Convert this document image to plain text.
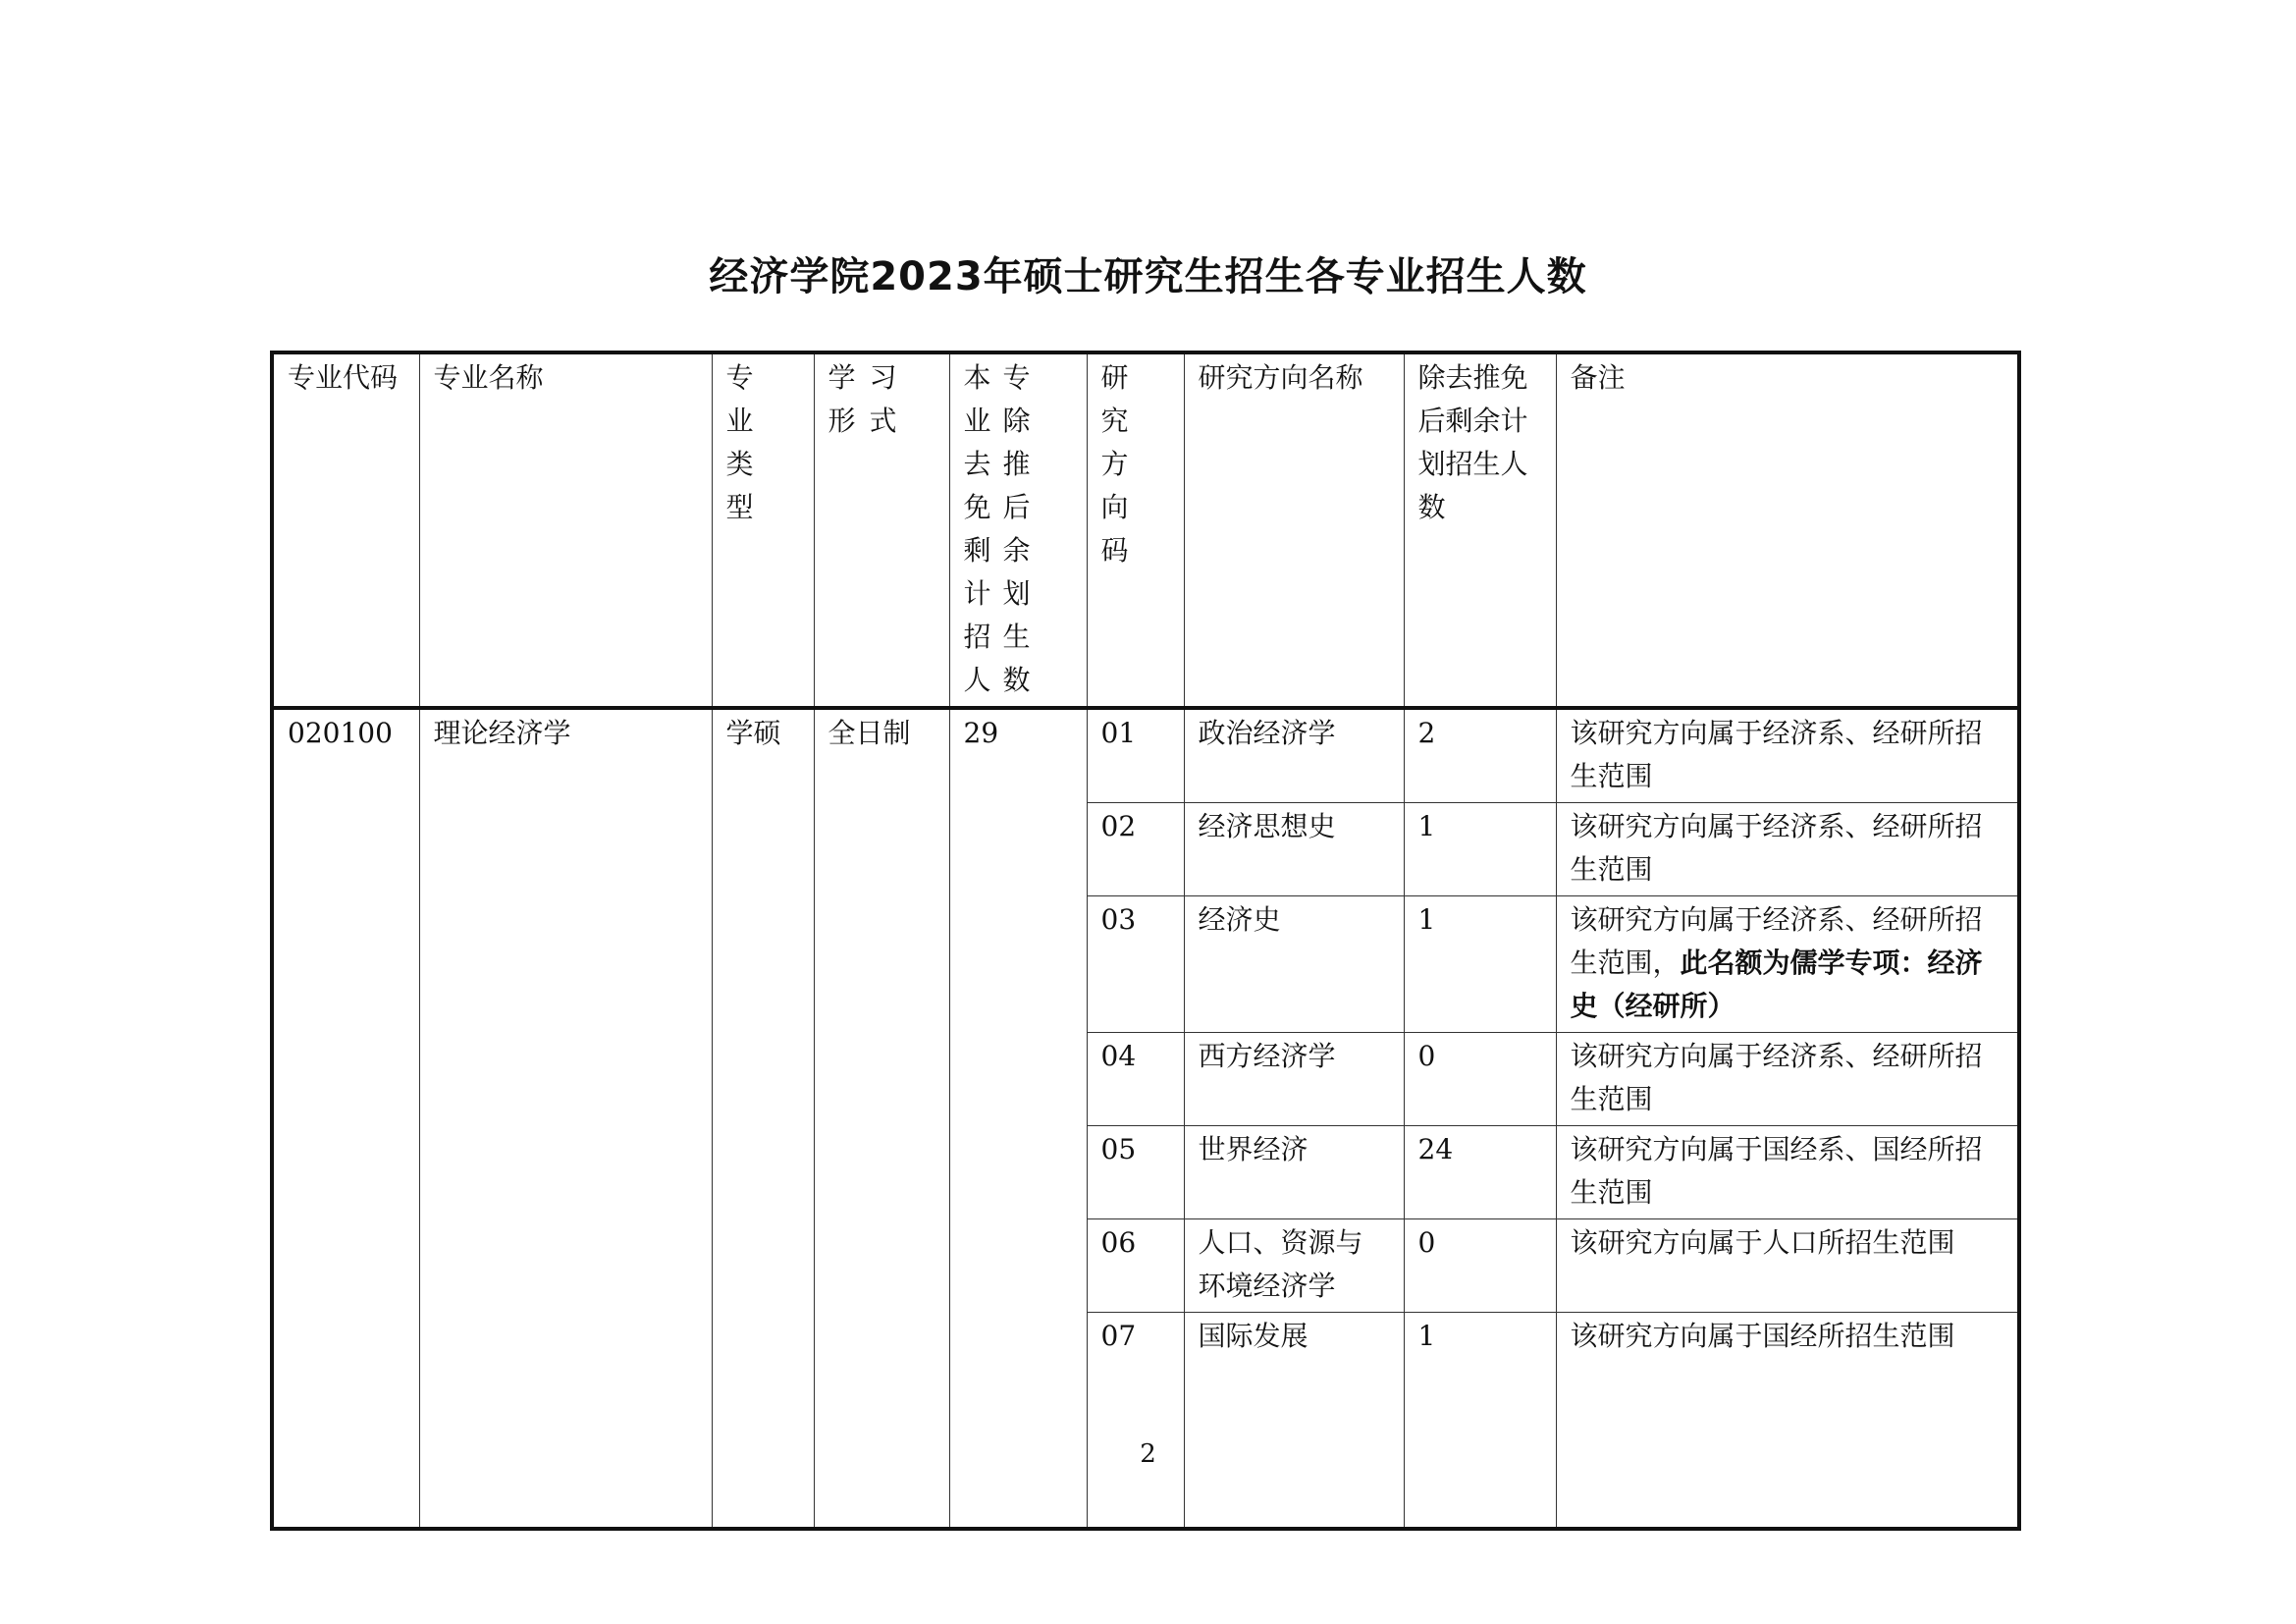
经济学院2023年硕士研究生招生各专业招生人数
专业代码	专业名称	专业类型	学习形式	本专业除去推免后剩余计划招生人数	研究方向码	研究方向名称	除去推免后剩余计划招生人数	备注
020100	理论经济学	学硕	全日制	29	01	政治经济学	2	该研究方向属于经济系、经研所招生范围
					02	经济思想史	1	该研究方向属于经济系、经研所招生范围
					03	经济史	1	该研究方向属于经济系、经研所招生范围，此名额为儒学专项：经济史（经研所）
					04	西方经济学	0	该研究方向属于经济系、经研所招生范围
					05	世界经济	24	该研究方向属于国经系、国经所招生范围
					06	人口、资源与环境经济学	0	该研究方向属于人口所招生范围
					07	国际发展	1	该研究方向属于国经所招生范围
2
